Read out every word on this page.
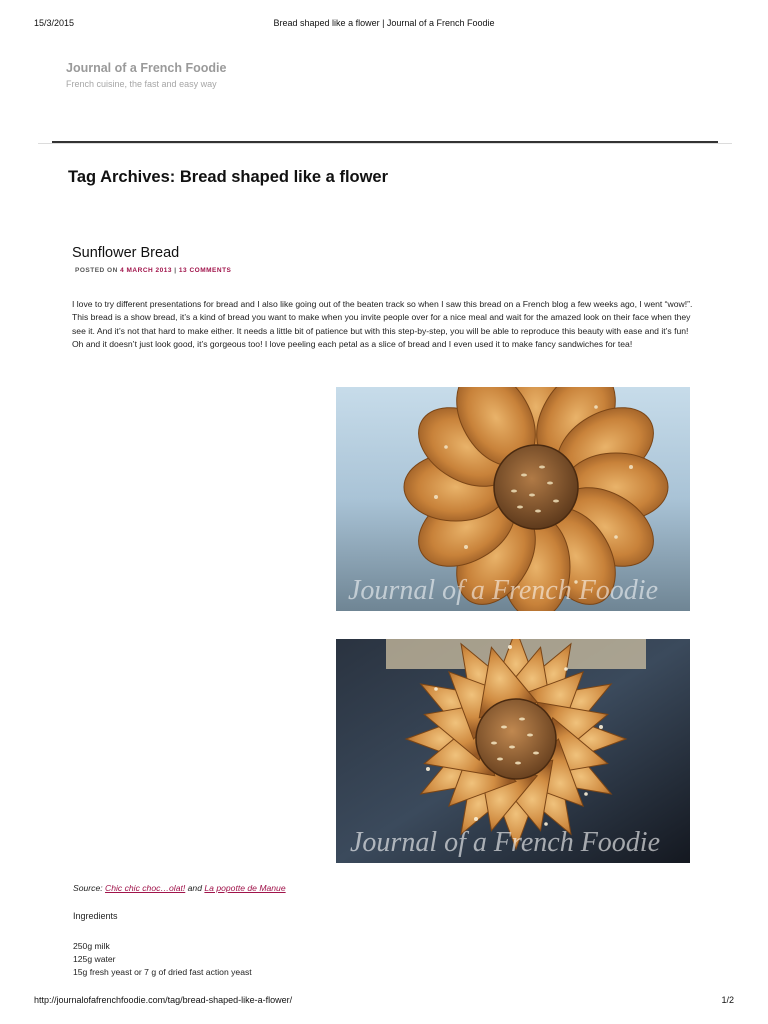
15/3/2015	Bread shaped like a flower | Journal of a French Foodie
Journal of a French Foodie
French cuisine, the fast and easy way
Tag Archives: Bread shaped like a flower
Sunflower Bread
POSTED ON 4 MARCH 2013 | 13 COMMENTS

I love to try different presentations for bread and I also like going out of the beaten track so when I saw this bread on a French blog a few weeks ago, I went “wow!”. This bread is a show bread, it’s a kind of bread you want to make when you invite people over for a nice meal and wait for the amazed look on their face when they see it. And it’s not that hard to make either. It needs a little bit of patience but with this step-by-step, you will be able to reproduce this beauty with ease and it’s fun! Oh and it doesn’t just look good, it’s gorgeous too! I love peeling each petal as a slice of bread and I even used it to make fancy sandwiches for tea!

Journal of a French Foodie
Journal of a French Foodie
Source: Chic chic choc…olat! and La popotte de Manue
Ingredients
250g milk
125g water
15g fresh yeast or 7 g of dried fast action yeast
http://journalofafrenchfoodie.com/tag/bread-shaped-like-a-flower/	1/2
